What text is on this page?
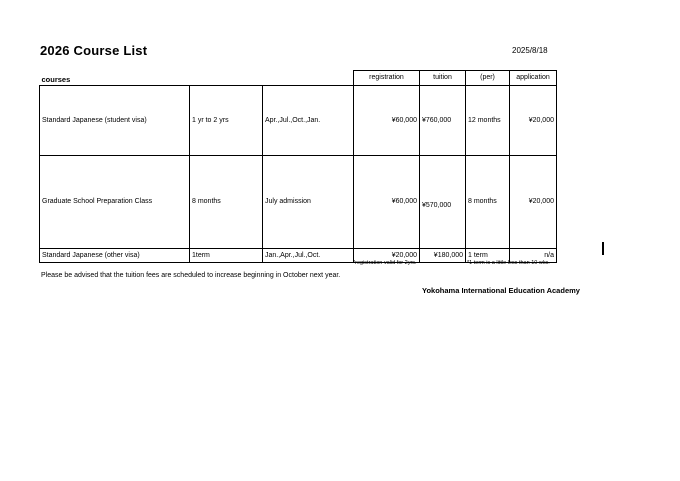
2026 Course List	2025/8/18
courses			registration	tuition	(per)	application
Standard Japanese (student visa)	1 yr to 2 yrs	Apr.,Jul.,Oct.,Jan.	¥60,000	¥760,000	12 months	¥20,000
Graduate School Preparation Class	8 months	July admission	¥60,000	¥570,000	8 months	¥20,000
Standard Japanese (other visa)	1term	Jan.,Apr.,Jul.,Oct.	¥20,000	¥180,000	1 term	n/a
*registration valid for 2yrs.	*1 term is a little less than 10 wks.
Please be advised that the tuition fees are scheduled to increase beginning in October next year.
Yokohama International Education Academy
